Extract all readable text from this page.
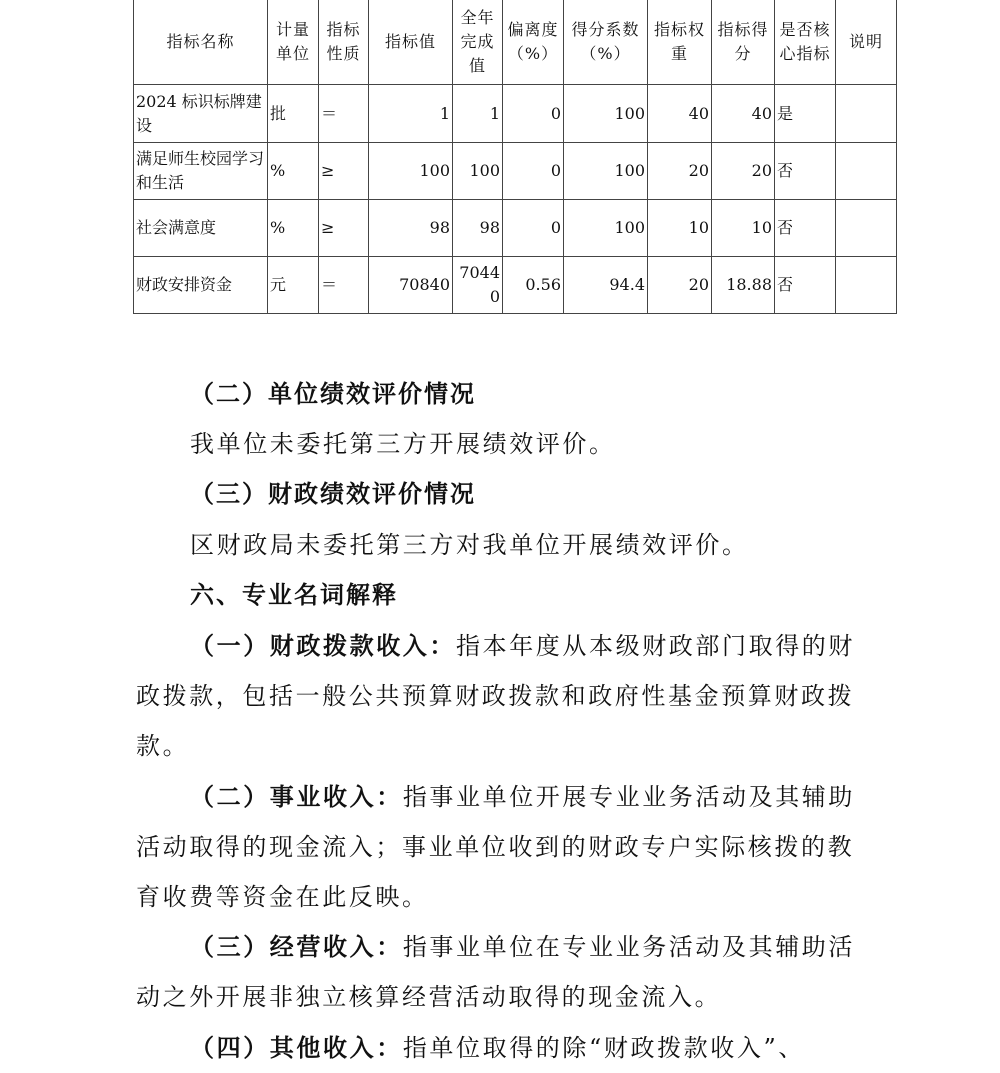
指标名称	计量单位	指标性质	指标值	全年完成值	偏离度（%）	得分系数（%）	指标权重	指标得分	是否核心指标	说明
2024 标识标牌建设	批	＝	1	1	0	100	40	40	是	
满足师生校园学习和生活	%	≥	100	100	0	100	20	20	否	
社会满意度	%	≥	98	98	0	100	10	10	否	
财政安排资金	元	＝	70840	70440	0.56	94.4	20	18.88	否	

（二）单位绩效评价情况

我单位未委托第三方开展绩效评价。

（三）财政绩效评价情况

区财政局未委托第三方对我单位开展绩效评价。

六、专业名词解释

（一）财政拨款收入：指本年度从本级财政部门取得的财政拨款，包括一般公共预算财政拨款和政府性基金预算财政拨款。

（二）事业收入：指事业单位开展专业业务活动及其辅助活动取得的现金流入；事业单位收到的财政专户实际核拨的教育收费等资金在此反映。

（三）经营收入：指事业单位在专业业务活动及其辅助活动之外开展非独立核算经营活动取得的现金流入。

（四）其他收入：指单位取得的除“财政拨款收入”、
